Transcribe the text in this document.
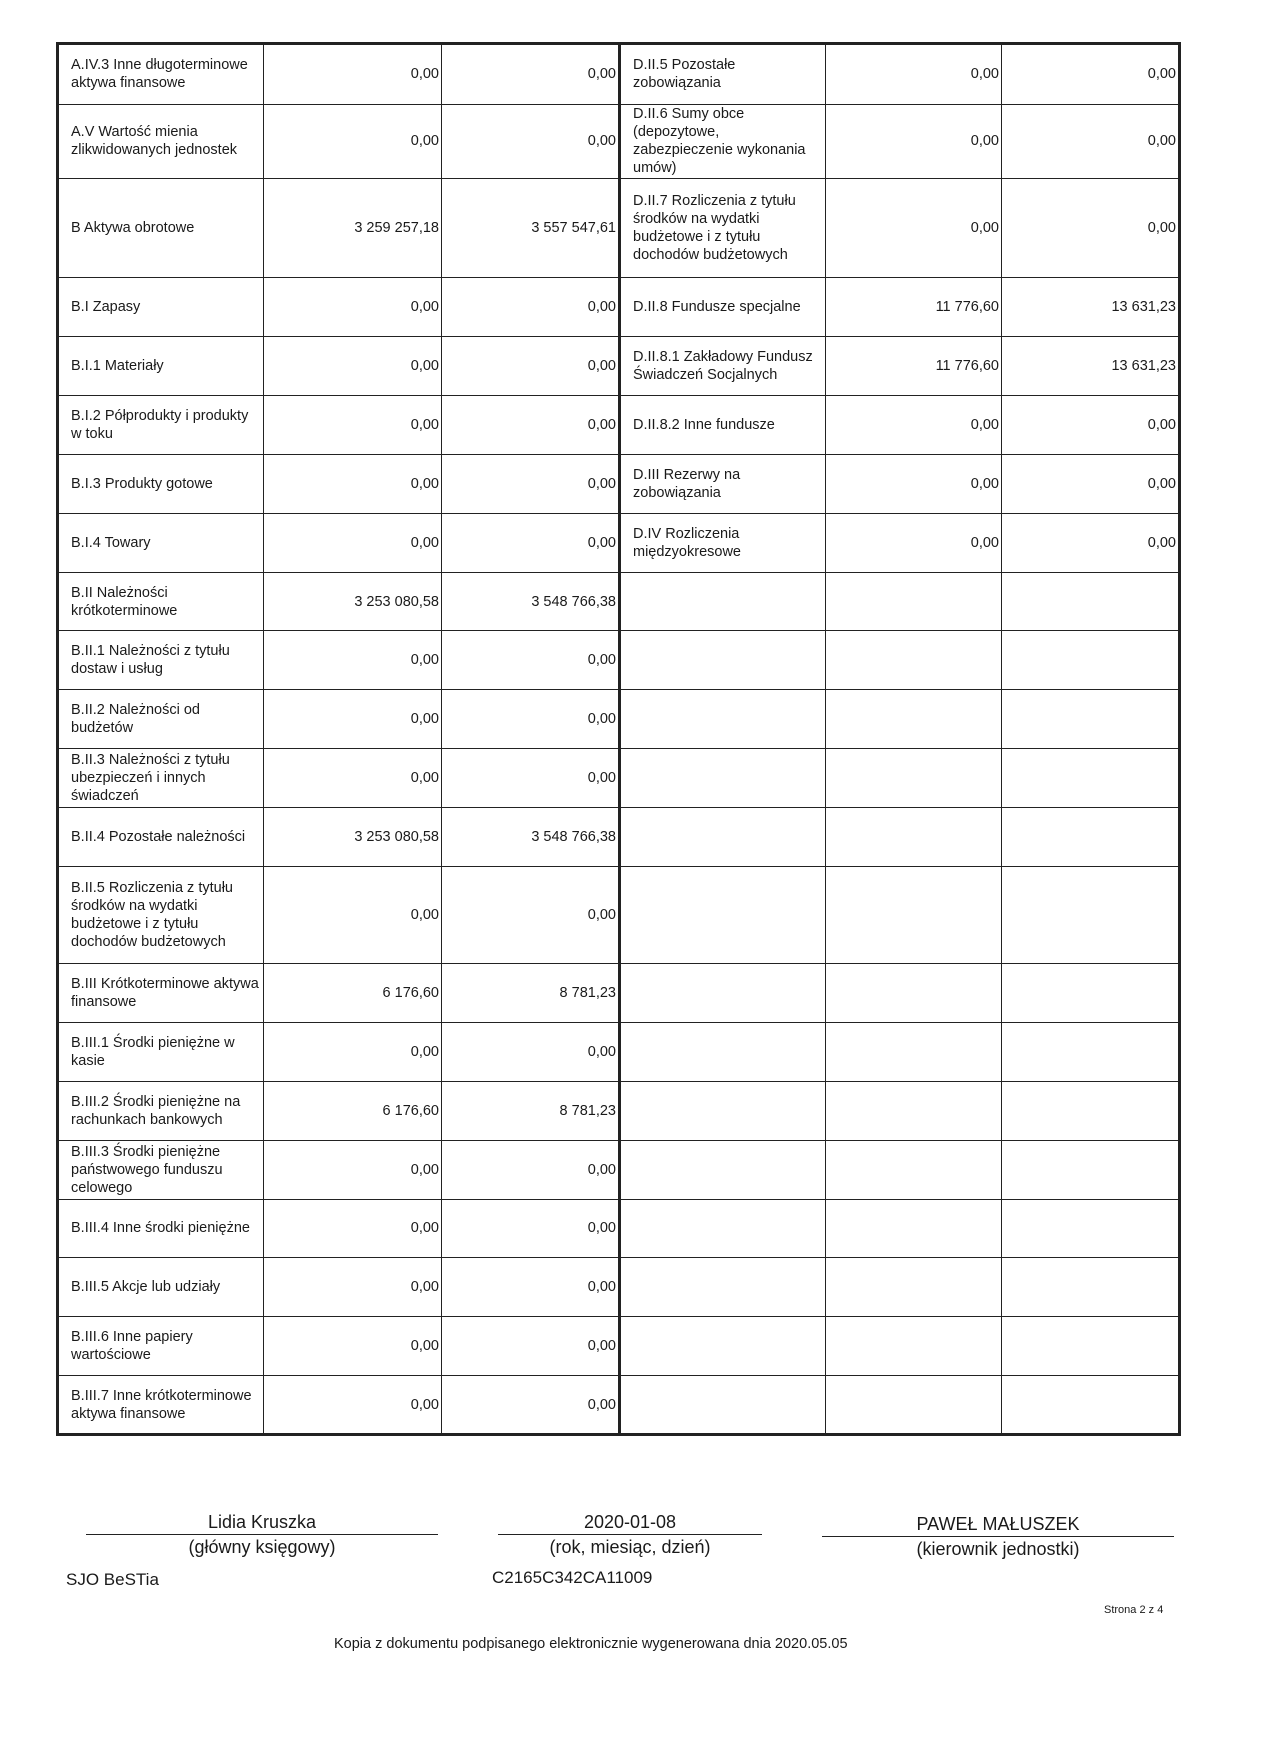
A.IV.3 Inne długoterminowe aktywa finansowe	0,00	0,00	D.II.5 Pozostałe zobowiązania	0,00	0,00
A.V Wartość mienia zlikwidowanych jednostek	0,00	0,00	D.II.6 Sumy obce (depozytowe, zabezpieczenie wykonania umów)	0,00	0,00
B Aktywa obrotowe	3 259 257,18	3 557 547,61	D.II.7 Rozliczenia z tytułu środków na wydatki budżetowe i z tytułu dochodów budżetowych	0,00	0,00
B.I Zapasy	0,00	0,00	D.II.8 Fundusze specjalne	11 776,60	13 631,23
B.I.1 Materiały	0,00	0,00	D.II.8.1 Zakładowy Fundusz Świadczeń Socjalnych	11 776,60	13 631,23
B.I.2 Półprodukty i produkty w toku	0,00	0,00	D.II.8.2 Inne fundusze	0,00	0,00
B.I.3 Produkty gotowe	0,00	0,00	D.III Rezerwy na zobowiązania	0,00	0,00
B.I.4 Towary	0,00	0,00	D.IV Rozliczenia międzyokresowe	0,00	0,00
B.II Należności krótkoterminowe	3 253 080,58	3 548 766,38			
B.II.1 Należności z tytułu dostaw i usług	0,00	0,00			
B.II.2 Należności od budżetów	0,00	0,00			
B.II.3 Należności z tytułu ubezpieczeń i innych świadczeń	0,00	0,00			
B.II.4 Pozostałe należności	3 253 080,58	3 548 766,38			
B.II.5 Rozliczenia z tytułu środków na wydatki budżetowe i z tytułu dochodów budżetowych	0,00	0,00			
B.III Krótkoterminowe aktywa finansowe	6 176,60	8 781,23			
B.III.1 Środki pieniężne w kasie	0,00	0,00			
B.III.2 Środki pieniężne na rachunkach bankowych	6 176,60	8 781,23			
B.III.3 Środki pieniężne państwowego funduszu celowego	0,00	0,00			
B.III.4 Inne środki pieniężne	0,00	0,00			
B.III.5 Akcje lub udziały	0,00	0,00			
B.III.6 Inne papiery wartościowe	0,00	0,00			
B.III.7 Inne krótkoterminowe aktywa finansowe	0,00	0,00			
Lidia Kruszka
(główny księgowy)
2020-01-08
(rok, miesiąc, dzień)
PAWEŁ MAŁUSZEK
(kierownik jednostki)
SJO BeSTia	C2165C342CA11009
Strona 2 z 4
Kopia z dokumentu podpisanego elektronicznie wygenerowana dnia 2020.05.05
